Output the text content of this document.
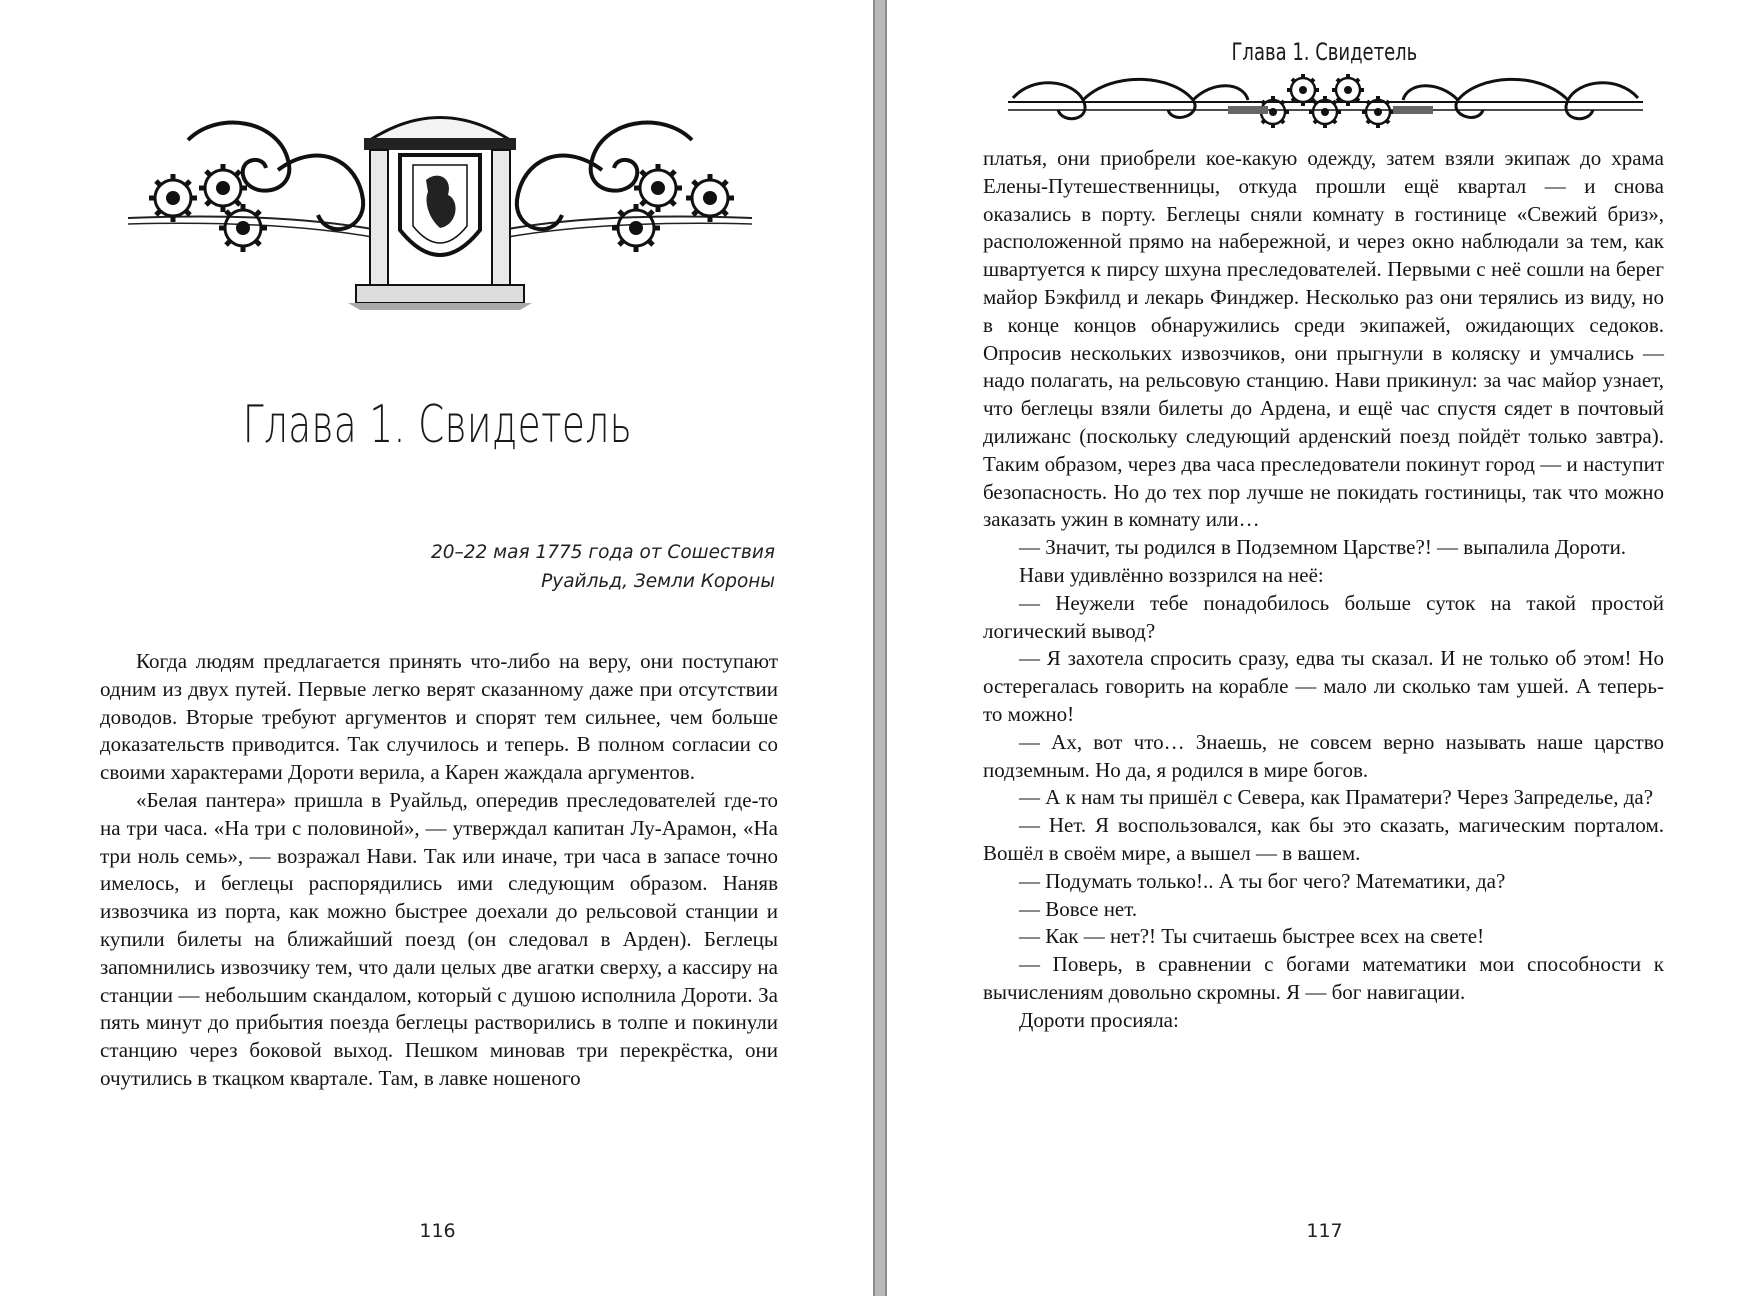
Глава 1. Свидетель
20–22 мая 1775 года от Сошествия
Руайльд, Земли Короны

Когда людям предлагается принять что-либо на веру, они поступают одним из двух путей. Первые легко верят сказанному даже при отсутствии доводов. Вторые требуют аргументов и спорят тем сильнее, чем больше доказательств приводится. Так случилось и теперь. В полном согласии со своими характерами Дороти верила, а Карен жаждала аргументов.

«Белая пантера» пришла в Руайльд, опередив преследователей где-то на три часа. «На три с половиной», — утверждал капитан Лу-Арамон, «На три ноль семь», — возражал Нави. Так или иначе, три часа в запасе точно имелось, и беглецы распорядились ими следующим образом. Наняв извозчика из порта, как можно быстрее доехали до рельсовой станции и купили билеты на ближайший поезд (он следовал в Арден). Беглецы запомнились извозчику тем, что дали целых две агатки сверху, а кассиру на станции — небольшим скандалом, который с душою исполнила Дороти. За пять минут до прибытия поезда беглецы растворились в толпе и покинули станцию через боковой выход. Пешком миновав три перекрёстка, они очутились в ткацком квартале. Там, в лавке ношеного

116
Глава 1. Свидетель

платья, они приобрели кое-какую одежду, затем взяли экипаж до храма Елены-Путешественницы, откуда прошли ещё квартал — и снова оказались в порту. Беглецы сняли комнату в гостинице «Свежий бриз», расположенной прямо на набережной, и через окно наблюдали за тем, как швартуется к пирсу шхуна преследователей. Первыми с неё сошли на берег майор Бэкфилд и лекарь Финджер. Несколько раз они терялись из виду, но в конце концов обнаружились среди экипажей, ожидающих седоков. Опросив нескольких извозчиков, они прыгнули в коляску и умчались — надо полагать, на рельсовую станцию. Нави прикинул: за час майор узнает, что беглецы взяли билеты до Ардена, и ещё час спустя сядет в почтовый дилижанс (поскольку следующий арденский поезд пойдёт только завтра). Таким образом, через два часа преследователи покинут город — и наступит безопасность. Но до тех пор лучше не покидать гостиницы, так что можно заказать ужин в комнату или…

— Значит, ты родился в Подземном Царстве?! — выпалила Дороти.

Нави удивлённо воззрился на неё:

— Неужели тебе понадобилось больше суток на такой простой логический вывод?

— Я захотела спросить сразу, едва ты сказал. И не только об этом! Но остерегалась говорить на корабле — мало ли сколько там ушей. А теперь-то можно!

— Ах, вот что… Знаешь, не совсем верно называть наше царство подземным. Но да, я родился в мире богов.

— А к нам ты пришёл с Севера, как Праматери? Через Запределье, да?

— Нет. Я воспользовался, как бы это сказать, магическим порталом. Вошёл в своём мире, а вышел — в вашем.

— Подумать только!.. А ты бог чего? Математики, да?

— Вовсе нет.

— Как — нет?! Ты считаешь быстрее всех на свете!

— Поверь, в сравнении с богами математики мои способности к вычислениям довольно скромны. Я — бог навигации.

Дороти просияла:

117
